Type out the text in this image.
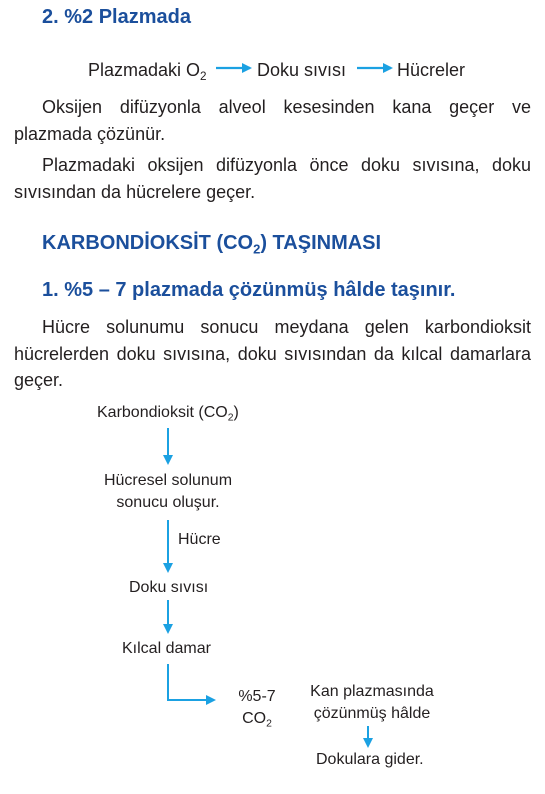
2. %2 Plazmada
Plazmadaki $O_2$	Doku sıvısı	Hücreler
Oksijen difüzyonla alveol kesesinden kana geçer ve plazmada çözünür.
Plazmadaki oksijen difüzyonla önce doku sıvısına, doku sıvısından da hücrelere geçer.
KARBONDİOKSİT $(CO_2)$ TAŞINMASI
1. %5 – 7 plazmada çözünmüş hâlde taşınır.
Hücre solunumu sonucu meydana gelen karbondioksit hücrelerden doku sıvısına, doku sıvısından da kılcal damarlara geçer.
Karbondioksit $(CO_2)$
Hücresel solunum
sonucu oluşur.
Hücre
Doku sıvısı
Kılcal damar
%5-7
$CO_2$
Kan plazmasında
çözünmüş hâlde
Dokulara gider.
